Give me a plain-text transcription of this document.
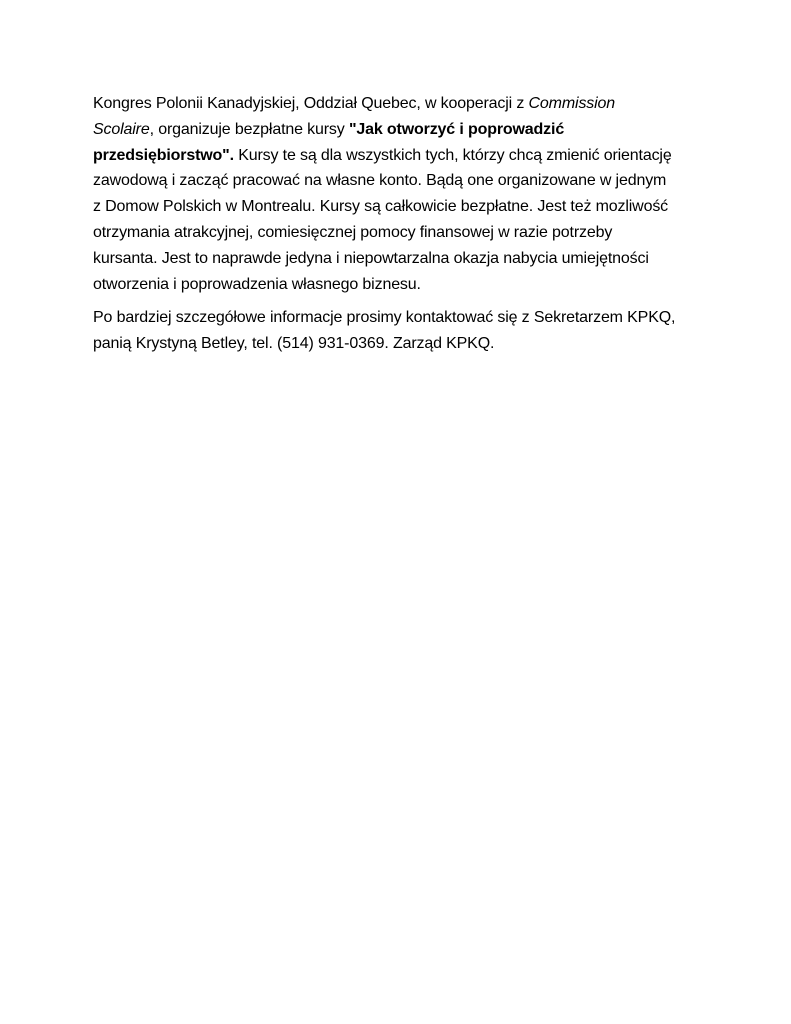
Kongres Polonii Kanadyjskiej, Oddział Quebec, w kooperacji z Commission
Scolaire, organizuje bezpłatne kursy "Jak otworzyć i poprowadzić
przedsiębiorstwo". Kursy te są dla wszystkich tych, którzy chcą zmienić orientację
zawodową i zacząć pracować na własne konto. Bądą one organizowane w jednym
z Domow Polskich w Montrealu. Kursy są całkowicie bezpłatne. Jest też mozliwość
otrzymania atrakcyjnej, comiesięcznej pomocy finansowej w razie potrzeby
kursanta. Jest to naprawde jedyna i niepowtarzalna okazja nabycia umiejętności
otworzenia i poprowadzenia własnego biznesu.

Po bardziej szczegółowe informacje prosimy kontaktować się z Sekretarzem KPKQ,
panią Krystyną Betley, tel. (514) 931-0369. Zarząd KPKQ.
